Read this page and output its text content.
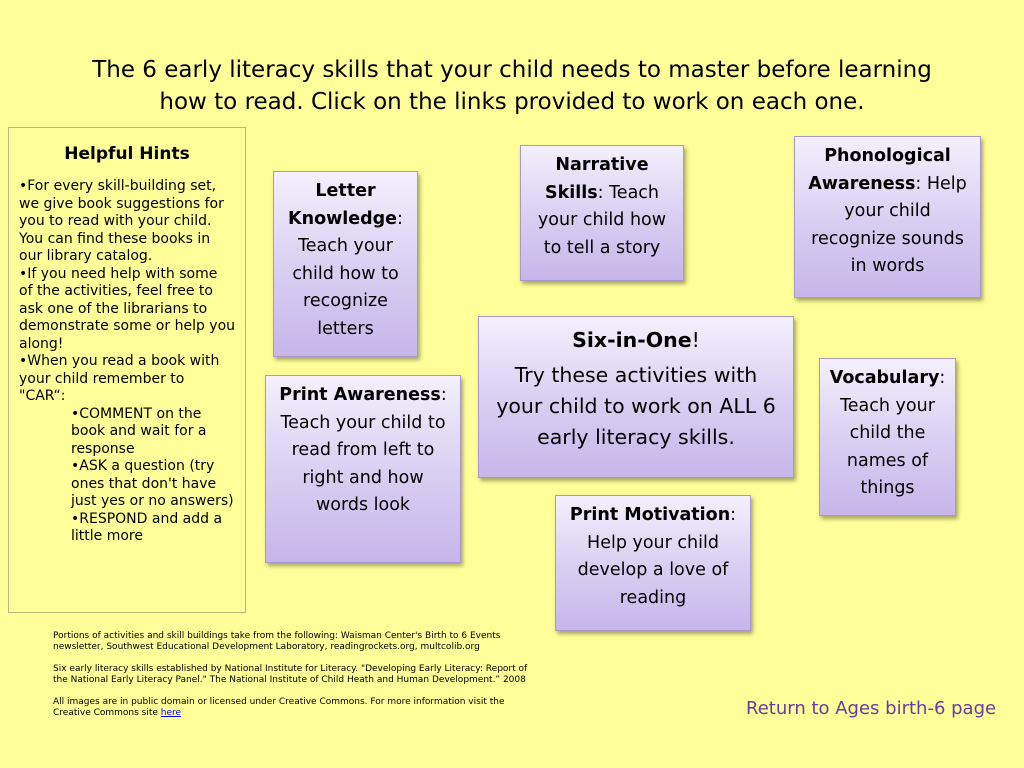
The 6 early literacy skills that your child needs to master before learning
how to read. Click on the links provided to work on each one.
Helpful Hints
•For every skill-building set, we give book suggestions for you to read with your child. You can find these books in our library catalog.
•If you need help with some of the activities, feel free to ask one of the librarians to demonstrate some or help you along!
•When you read a book with your child remember to "CAR“:
•COMMENT on the book and wait for a response
•ASK a question (try ones that don't have just yes or no answers)
•RESPOND and add a little more
Letter Knowledge: Teach your child how to recognize letters
Narrative Skills: Teach your child how to tell a story
Phonological Awareness: Help your child recognize sounds in words
Six-in-One!
Try these activities with your child to work on ALL 6 early literacy skills.
Print Awareness: Teach your child to read from left to right and how words look
Vocabulary: Teach your child the names of things
Print Motivation: Help your child develop a love of reading

Portions of activities and skill buildings take from the following: Waisman Center's Birth to 6 Events newsletter, Southwest Educational Development Laboratory, readingrockets.org, multcolib.org

Six early literacy skills established by National Institute for Literacy. "Developing Early Literacy: Report of the National Early Literacy Panel." The National Institute of Child Heath and Human Development.” 2008

All images are in public domain or licensed under Creative Commons. For more information visit the Creative Commons site here	Return to Ages birth-6 page
